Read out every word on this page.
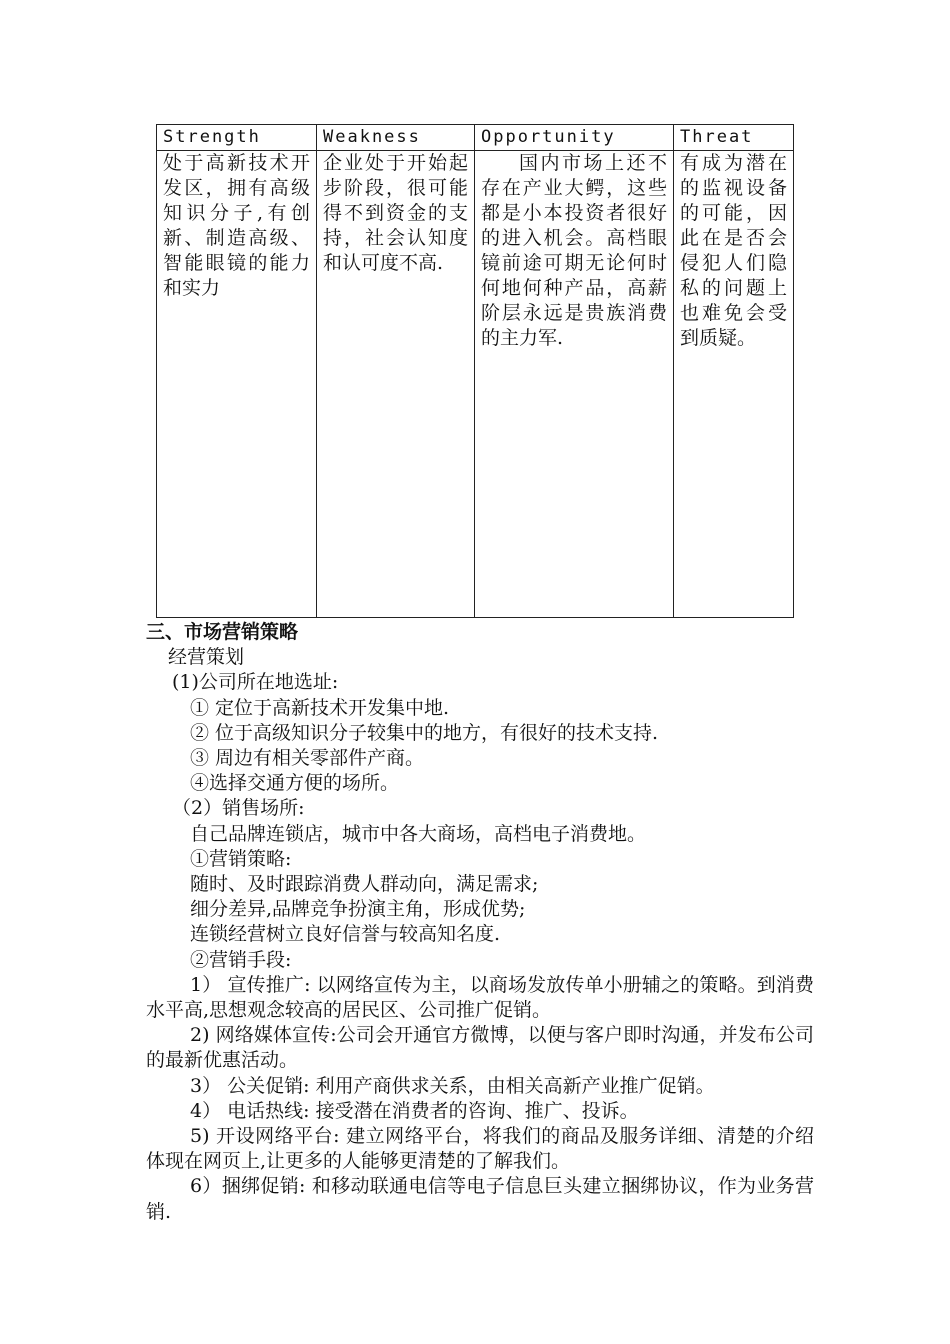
Strength	Weakness	Opportunity	Threat
处于高新技术开发区，拥有高级知识分子,有创新、制造高级、智能眼镜的能力和实力	企业处于开始起步阶段，很可能得不到资金的支持，社会认知度和认可度不高.	国内市场上还不存在产业大鳄，这些都是小本投资者很好的进入机会。高档眼镜前途可期无论何时何地何种产品，高薪阶层永远是贵族消费的主力军.	有成为潜在的监视设备的可能，因此在是否会侵犯人们隐私的问题上也难免会受到质疑。
三、市场营销策略
经营策划
(1)公司所在地选址:
① 定位于高新技术开发集中地.
② 位于高级知识分子较集中的地方，有很好的技术支持.
③ 周边有相关零部件产商。
④选择交通方便的场所。
（2）销售场所:
自己品牌连锁店，城市中各大商场，高档电子消费地。
①营销策略:
随时、及时跟踪消费人群动向，满足需求;
细分差异,品牌竞争扮演主角，形成优势;
连锁经营树立良好信誉与较高知名度.
②营销手段:
1） 宣传推广: 以网络宣传为主，以商场发放传单小册辅之的策略。到消费水平高,思想观念较高的居民区、公司推广促销。
2) 网络媒体宣传:公司会开通官方微博，以便与客户即时沟通，并发布公司的最新优惠活动。
3） 公关促销: 利用产商供求关系，由相关高新产业推广促销。
4） 电话热线: 接受潜在消费者的咨询、推广、投诉。
5) 开设网络平台: 建立网络平台，将我们的商品及服务详细、清楚的介绍体现在网页上,让更多的人能够更清楚的了解我们。
6）捆绑促销: 和移动联通电信等电子信息巨头建立捆绑协议，作为业务营销.
